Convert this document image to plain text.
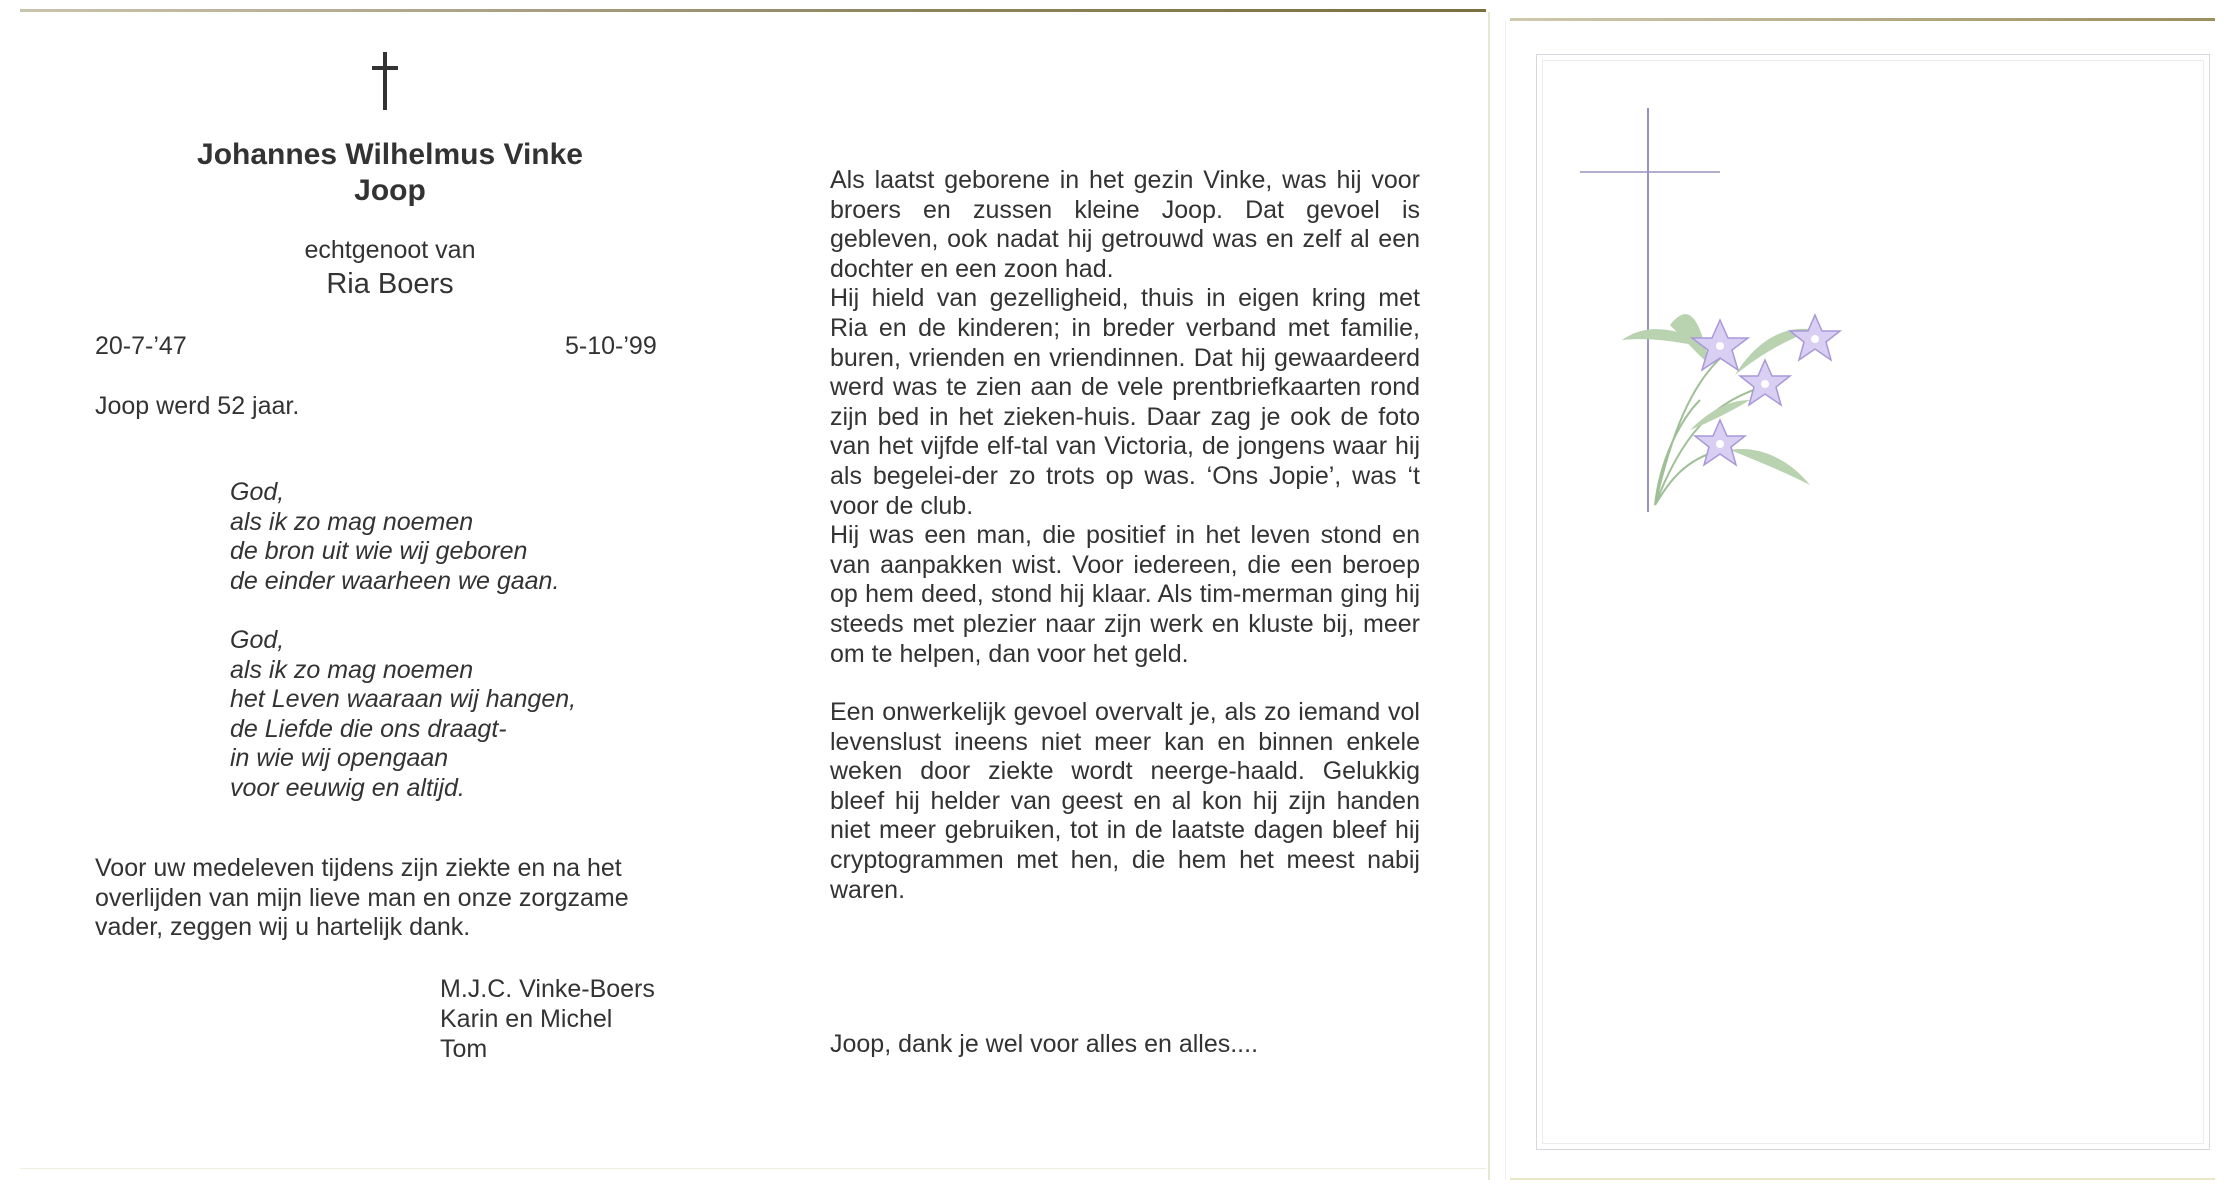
Johannes Wilhelmus Vinke
Joop
echtgenoot van
Ria Boers
20-7-’47	5-10-’99
Joop werd 52 jaar.
God,
als ik zo mag noemen
de bron uit wie wij geboren
de einder waarheen we gaan.
God,
als ik zo mag noemen
het Leven waaraan wij hangen,
de Liefde die ons draagt-
in wie wij opengaan
voor eeuwig en altijd.
Voor uw medeleven tijdens zijn ziekte en na het
overlijden van mijn lieve man en onze zorgzame
vader, zeggen wij u hartelijk dank.
M.J.C. Vinke-Boers
Karin en Michel
Tom

Als laatst geborene in het gezin Vinke, was hij voor broers en zussen kleine Joop. Dat gevoel is gebleven, ook nadat hij getrouwd was en zelf al een dochter en een zoon had.

Hij hield van gezelligheid, thuis in eigen kring met Ria en de kinderen; in breder verband met familie, buren, vrienden en vriendinnen. Dat hij gewaardeerd werd was te zien aan de vele prentbriefkaarten rond zijn bed in het zieken-huis. Daar zag je ook de foto van het vijfde elf-tal van Victoria, de jongens waar hij als begelei-der zo trots op was. ‘Ons Jopie’, was ‘t voor de club.

Hij was een man, die positief in het leven stond en van aanpakken wist. Voor iedereen, die een beroep op hem deed, stond hij klaar. Als tim-merman ging hij steeds met plezier naar zijn werk en kluste bij, meer om te helpen, dan voor het geld.

Een onwerkelijk gevoel overvalt je, als zo iemand vol levenslust ineens niet meer kan en binnen enkele weken door ziekte wordt neerge-haald. Gelukkig bleef hij helder van geest en al kon hij zijn handen niet meer gebruiken, tot in de laatste dagen bleef hij cryptogrammen met hen, die hem het meest nabij waren.

Joop, dank je wel voor alles en alles....
